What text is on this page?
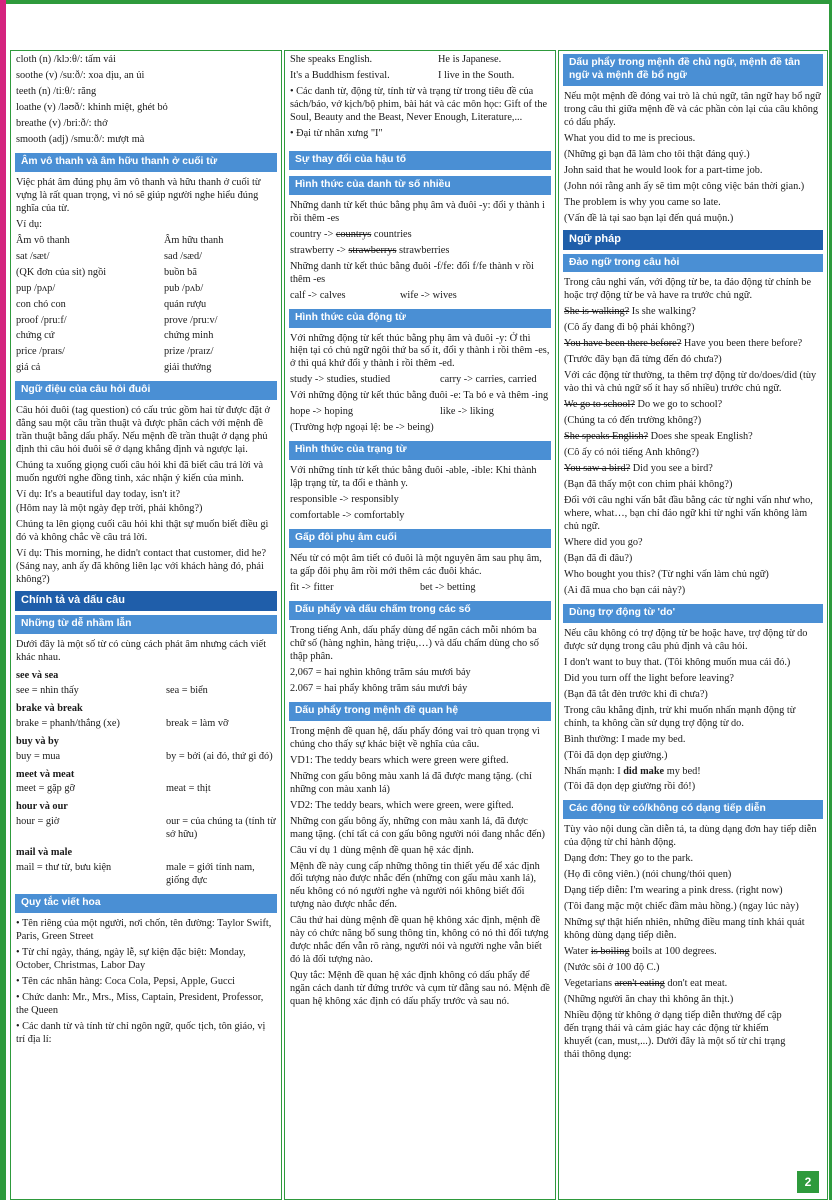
cloth (n) /klɔːθ/: tấm vải

soothe (v) /suːð/: xoa dịu, an ủi

teeth (n) /tiːθ/: răng

loathe (v) /ləʊð/: khinh miệt, ghét bỏ

breathe (v) /briːð/: thở

smooth (adj) /smuːð/: mượt mà

Âm vô thanh và âm hữu thanh ở cuối từ

Việc phát âm đúng phụ âm vô thanh và hữu thanh ở cuối từ vựng là rất quan trọng, vì nó sẽ giúp người nghe hiểu đúng nghĩa của từ.

Ví dụ:

Âm vô thanh	Âm hữu thanh
sat /sæt/	sad /sæd/
(QK đơn của sit) ngồi	buồn bã
pup /pʌp/	pub /pʌb/
con chó con	quán rượu
proof /pruːf/	prove /pruːv/
chứng cứ	chứng minh
price /praɪs/	prize /praɪz/
giá cả	giải thưởng
Ngữ điệu của câu hỏi đuôi

Câu hỏi đuôi (tag question) có cấu trúc gồm hai từ được đặt ở đằng sau một câu trần thuật và được phân cách với mệnh đề trần thuật bằng dấu phẩy. Nếu mệnh đề trần thuật ở dạng phủ định thì câu hỏi đuôi sẽ ở dạng khẳng định và ngược lại.

Chúng ta xuống giọng cuối câu hỏi khi đã biết câu trả lời và muốn người nghe đồng tình, xác nhận ý kiến của mình.

Ví dụ: It's a beautiful day today, isn't it?

(Hôm nay là một ngày đẹp trời, phải không?)

Chúng ta lên giọng cuối câu hỏi khi thật sự muốn biết điều gì đó và không chắc về câu trả lời.

Ví dụ: This morning, he didn't contact that customer, did he? (Sáng nay, anh ấy đã không liên lạc với khách hàng đó, phải không?)

Chính tả và dấu câu
Những từ dễ nhầm lẫn

Dưới đây là một số từ có cùng cách phát âm nhưng cách viết khác nhau.

see và sea

see = nhìn thấy	sea = biển

brake và break

brake = phanh/thắng (xe)	break = làm vỡ

buy và by

buy = mua	by = bởi (ai đó, thứ gì đó)

meet và meat

meet = gặp gỡ	meat = thịt

hour và our

hour = giờ	our = của chúng ta (tính từ sở hữu)

mail và male

mail = thư từ, bưu kiện	male = giới tính nam, giống đực
Quy tắc viết hoa

• Tên riêng của một người, nơi chốn, tên đường: Taylor Swift, Paris, Green Street

• Từ chỉ ngày, tháng, ngày lễ, sự kiện đặc biệt: Monday, October, Christmas, Labor Day

• Tên các nhãn hàng: Coca Cola, Pepsi, Apple, Gucci

• Chức danh: Mr., Mrs., Miss, Captain, President, Professor, the Queen

• Các danh từ và tính từ chỉ ngôn ngữ, quốc tịch, tôn giáo, vị trí địa lí:

She speaks English.	He is Japanese.
It's a Buddhism festival.	I live in the South.

• Các danh từ, động từ, tính từ và trạng từ trong tiêu đề của sách/báo, vở kịch/bộ phim, bài hát và các môn học: Gift of the Soul, Beauty and the Beast, Never Enough, Literature,...

• Đại từ nhân xưng "I"

Sự thay đổi của hậu tố
Hình thức của danh từ số nhiều

Những danh từ kết thúc bằng phụ âm và đuôi -y: đổi y thành i rồi thêm -es

country -> countrys countries

strawberry -> strawberrys strawberries

Những danh từ kết thúc bằng đuôi -f/fe: đổi f/fe thành v rồi thêm -es

calf -> calves	wife -> wives
Hình thức của động từ

Với những động từ kết thúc bằng phụ âm và đuôi -y: Ở thì hiện tại có chủ ngữ ngôi thứ ba số ít, đổi y thành i rồi thêm -es, ở thì quá khứ đổi y thành i rồi thêm -ed.

study -> studies, studied	carry -> carries, carried

Với những động từ kết thúc bằng đuôi -e: Ta bỏ e và thêm -ing

hope -> hoping	like -> liking

(Trường hợp ngoại lệ: be -> being)

Hình thức của trạng từ

Với những tính từ kết thúc bằng đuôi -able, -ible: Khi thành lập trạng từ, ta đổi e thành y.

responsible -> responsibly

comfortable -> comfortably

Gấp đôi phụ âm cuối

Nếu từ có một âm tiết có đuôi là một nguyên âm sau phụ âm, ta gấp đôi phụ âm rồi mới thêm các đuôi khác.

fit -> fitter	bet -> betting
Dấu phẩy và dấu chấm trong các số

Trong tiếng Anh, dấu phẩy dùng để ngăn cách mỗi nhóm ba chữ số (hàng nghìn, hàng triệu,…) và dấu chấm dùng cho số thập phân.

2,067 = hai nghìn không trăm sáu mươi bảy

2.067 = hai phẩy không trăm sáu mươi bảy

Dấu phẩy trong mệnh đề quan hệ

Trong mệnh đề quan hệ, dấu phẩy đóng vai trò quan trọng vì chúng cho thấy sự khác biệt về nghĩa của câu.

VD1: The teddy bears which were green were gifted.

Những con gấu bông màu xanh lá đã được mang tặng. (chỉ những con màu xanh lá)

VD2: The teddy bears, which were green, were gifted.

Những con gấu bông ấy, những con màu xanh lá, đã được mang tặng. (chỉ tất cả con gấu bông người nói đang nhắc đến)

Câu ví dụ 1 dùng mệnh đề quan hệ xác định.

Mệnh đề này cung cấp những thông tin thiết yếu để xác định đối tượng nào được nhắc đến (những con gấu màu xanh lá), nếu không có nó người nghe và người nói không biết đối tượng nào được nhắc đến.

Câu thứ hai dùng mệnh đề quan hệ không xác định, mệnh đề này có chức năng bổ sung thông tin, không có nó thì đối tượng được nhắc đến vẫn rõ ràng, người nói và người nghe vẫn biết đó là đối tượng nào.

Quy tắc: Mệnh đề quan hệ xác định không có dấu phẩy để ngăn cách danh từ đứng trước và cụm từ đằng sau nó. Mệnh đề quan hệ không xác định có dấu phẩy trước và sau nó.

Dấu phẩy trong mệnh đề chủ ngữ, mệnh đề tân ngữ và mệnh đề bổ ngữ

Nếu một mệnh đề đóng vai trò là chủ ngữ, tân ngữ hay bổ ngữ trong câu thì giữa mệnh đề và các phần còn lại của câu không có dấu phẩy.

What you did to me is precious.

(Những gì bạn đã làm cho tôi thật đáng quý.)

John said that he would look for a part-time job.

(John nói rằng anh ấy sẽ tìm một công việc bán thời gian.)

The problem is why you came so late.

(Vấn đề là tại sao bạn lại đến quá muộn.)

Ngữ pháp
Đảo ngữ trong câu hỏi

Trong câu nghi vấn, với động từ be, ta đảo động từ chính be hoặc trợ động từ be và have ra trước chủ ngữ.

She is walking? Is she walking?

(Cô ấy đang đi bộ phải không?)

You have been there before? Have you been there before?

(Trước đây bạn đã từng đến đó chưa?)

Với các động từ thường, ta thêm trợ động từ do/does/did (tùy vào thì và chủ ngữ số ít hay số nhiều) trước chủ ngữ.

We go to school? Do we go to school?

(Chúng ta có đến trường không?)

She speaks English? Does she speak English?

(Cô ấy có nói tiếng Anh không?)

You saw a bird? Did you see a bird?

(Bạn đã thấy một con chim phải không?)

Đối với câu nghi vấn bắt đầu bằng các từ nghi vấn như who, where, what…, bạn chỉ đảo ngữ khi từ nghi vấn không làm chủ ngữ.

Where did you go?

(Bạn đã đi đâu?)

Who bought you this? (Từ nghi vấn làm chủ ngữ)

(Ai đã mua cho bạn cái này?)

Dùng trợ động từ 'do'

Nếu câu không có trợ động từ be hoặc have, trợ động từ do được sử dụng trong câu phủ định và câu hỏi.

I don't want to buy that. (Tôi không muốn mua cái đó.)

Did you turn off the light before leaving?

(Bạn đã tắt đèn trước khi đi chưa?)

Trong câu khẳng định, trừ khi muốn nhấn mạnh động từ chính, ta không cần sử dụng trợ động từ do.

Bình thường: I made my bed.

(Tôi đã dọn dẹp giường.)

Nhấn mạnh: I did make my bed!

(Tôi đã dọn dẹp giường rồi đó!)

Các động từ có/không có dạng tiếp diễn

Tùy vào nội dung cần diễn tả, ta dùng dạng đơn hay tiếp diễn của động từ chỉ hành động.

Dạng đơn: They go to the park.

(Họ đi công viên.) (nói chung/thói quen)

Dạng tiếp diễn: I'm wearing a pink dress. (right now)

(Tôi đang mặc một chiếc đầm màu hồng.) (ngay lúc này)

Những sự thật hiển nhiên, những điều mang tính khái quát không dùng dạng tiếp diễn.

Water is boiling boils at 100 degrees.

(Nước sôi ở 100 độ C.)

Vegetarians aren't eating don't eat meat.

(Những người ăn chay thì không ăn thịt.)

Nhiều động từ không ở dạng tiếp diễn thường để cập đến trạng thái và cảm giác hay các động từ khiếm khuyết (can, must,...). Dưới đây là một số từ chỉ trạng thái thông dụng:

2
